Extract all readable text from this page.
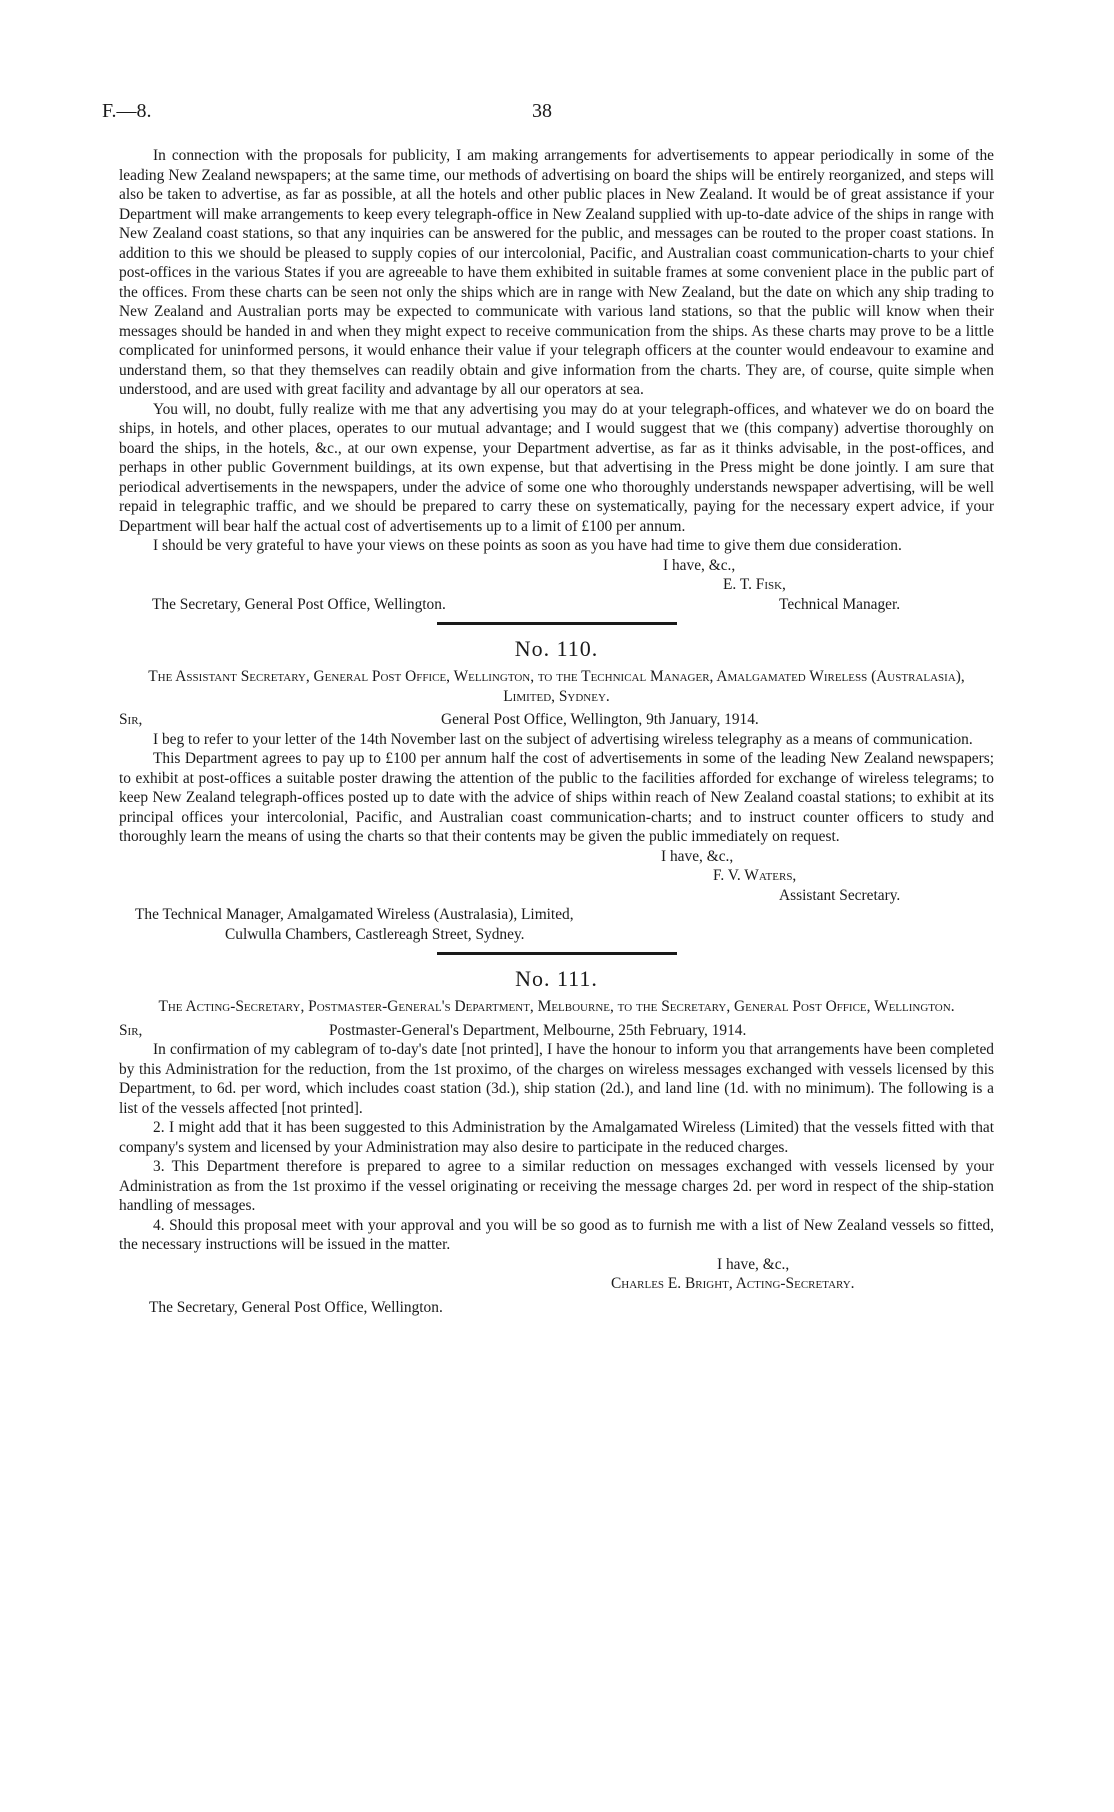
F.—8.	38

In connection with the proposals for publicity, I am making arrangements for advertisements to appear periodically in some of the leading New Zealand newspapers; at the same time, our methods of advertising on board the ships will be entirely reorganized, and steps will also be taken to advertise, as far as possible, at all the hotels and other public places in New Zealand. It would be of great assistance if your Department will make arrangements to keep every telegraph-office in New Zealand supplied with up-to-date advice of the ships in range with New Zealand coast stations, so that any inquiries can be answered for the public, and messages can be routed to the proper coast stations. In addition to this we should be pleased to supply copies of our intercolonial, Pacific, and Australian coast communication-charts to your chief post-offices in the various States if you are agreeable to have them exhibited in suitable frames at some convenient place in the public part of the offices. From these charts can be seen not only the ships which are in range with New Zealand, but the date on which any ship trading to New Zealand and Australian ports may be expected to communicate with various land stations, so that the public will know when their messages should be handed in and when they might expect to receive communication from the ships. As these charts may prove to be a little complicated for uninformed persons, it would enhance their value if your telegraph officers at the counter would endeavour to examine and understand them, so that they themselves can readily obtain and give information from the charts. They are, of course, quite simple when understood, and are used with great facility and advantage by all our operators at sea.

You will, no doubt, fully realize with me that any advertising you may do at your telegraph-offices, and whatever we do on board the ships, in hotels, and other places, operates to our mutual advantage; and I would suggest that we (this company) advertise thoroughly on board the ships, in the hotels, &c., at our own expense, your Department advertise, as far as it thinks advisable, in the post-offices, and perhaps in other public Government buildings, at its own expense, but that advertising in the Press might be done jointly. I am sure that periodical advertisements in the newspapers, under the advice of some one who thoroughly understands newspaper advertising, will be well repaid in telegraphic traffic, and we should be prepared to carry these on systematically, paying for the necessary expert advice, if your Department will bear half the actual cost of advertisements up to a limit of £100 per annum.

I should be very grateful to have your views on these points as soon as you have had time to give them due consideration.

I have, &c.,
E. T. Fisk,
The Secretary, General Post Office, Wellington.	Technical Manager.
No. 110.
The Assistant Secretary, General Post Office, Wellington, to the Technical Manager, Amalgamated Wireless (Australasia), Limited, Sydney.
Sir,	General Post Office, Wellington, 9th January, 1914.

I beg to refer to your letter of the 14th November last on the subject of advertising wireless telegraphy as a means of communication.

This Department agrees to pay up to £100 per annum half the cost of advertisements in some of the leading New Zealand newspapers; to exhibit at post-offices a suitable poster drawing the attention of the public to the facilities afforded for exchange of wireless telegrams; to keep New Zealand telegraph-offices posted up to date with the advice of ships within reach of New Zealand coastal stations; to exhibit at its principal offices your intercolonial, Pacific, and Australian coast communication-charts; and to instruct counter officers to study and thoroughly learn the means of using the charts so that their contents may be given the public immediately on request.

I have, &c.,
F. V. Waters,
Assistant Secretary.
The Technical Manager, Amalgamated Wireless (Australasia), Limited,
Culwulla Chambers, Castlereagh Street, Sydney.
No. 111.
The Acting-Secretary, Postmaster-General's Department, Melbourne, to the Secretary, General Post Office, Wellington.
Sir,	Postmaster-General's Department, Melbourne, 25th February, 1914.

In confirmation of my cablegram of to-day's date [not printed], I have the honour to inform you that arrangements have been completed by this Administration for the reduction, from the 1st proximo, of the charges on wireless messages exchanged with vessels licensed by this Department, to 6d. per word, which includes coast station (3d.), ship station (2d.), and land line (1d. with no minimum). The following is a list of the vessels affected [not printed].

2. I might add that it has been suggested to this Administration by the Amalgamated Wireless (Limited) that the vessels fitted with that company's system and licensed by your Administration may also desire to participate in the reduced charges.

3. This Department therefore is prepared to agree to a similar reduction on messages exchanged with vessels licensed by your Administration as from the 1st proximo if the vessel originating or receiving the message charges 2d. per word in respect of the ship-station handling of messages.

4. Should this proposal meet with your approval and you will be so good as to furnish me with a list of New Zealand vessels so fitted, the necessary instructions will be issued in the matter.

I have, &c.,
Charles E. Bright, Acting-Secretary.
The Secretary, General Post Office, Wellington.
